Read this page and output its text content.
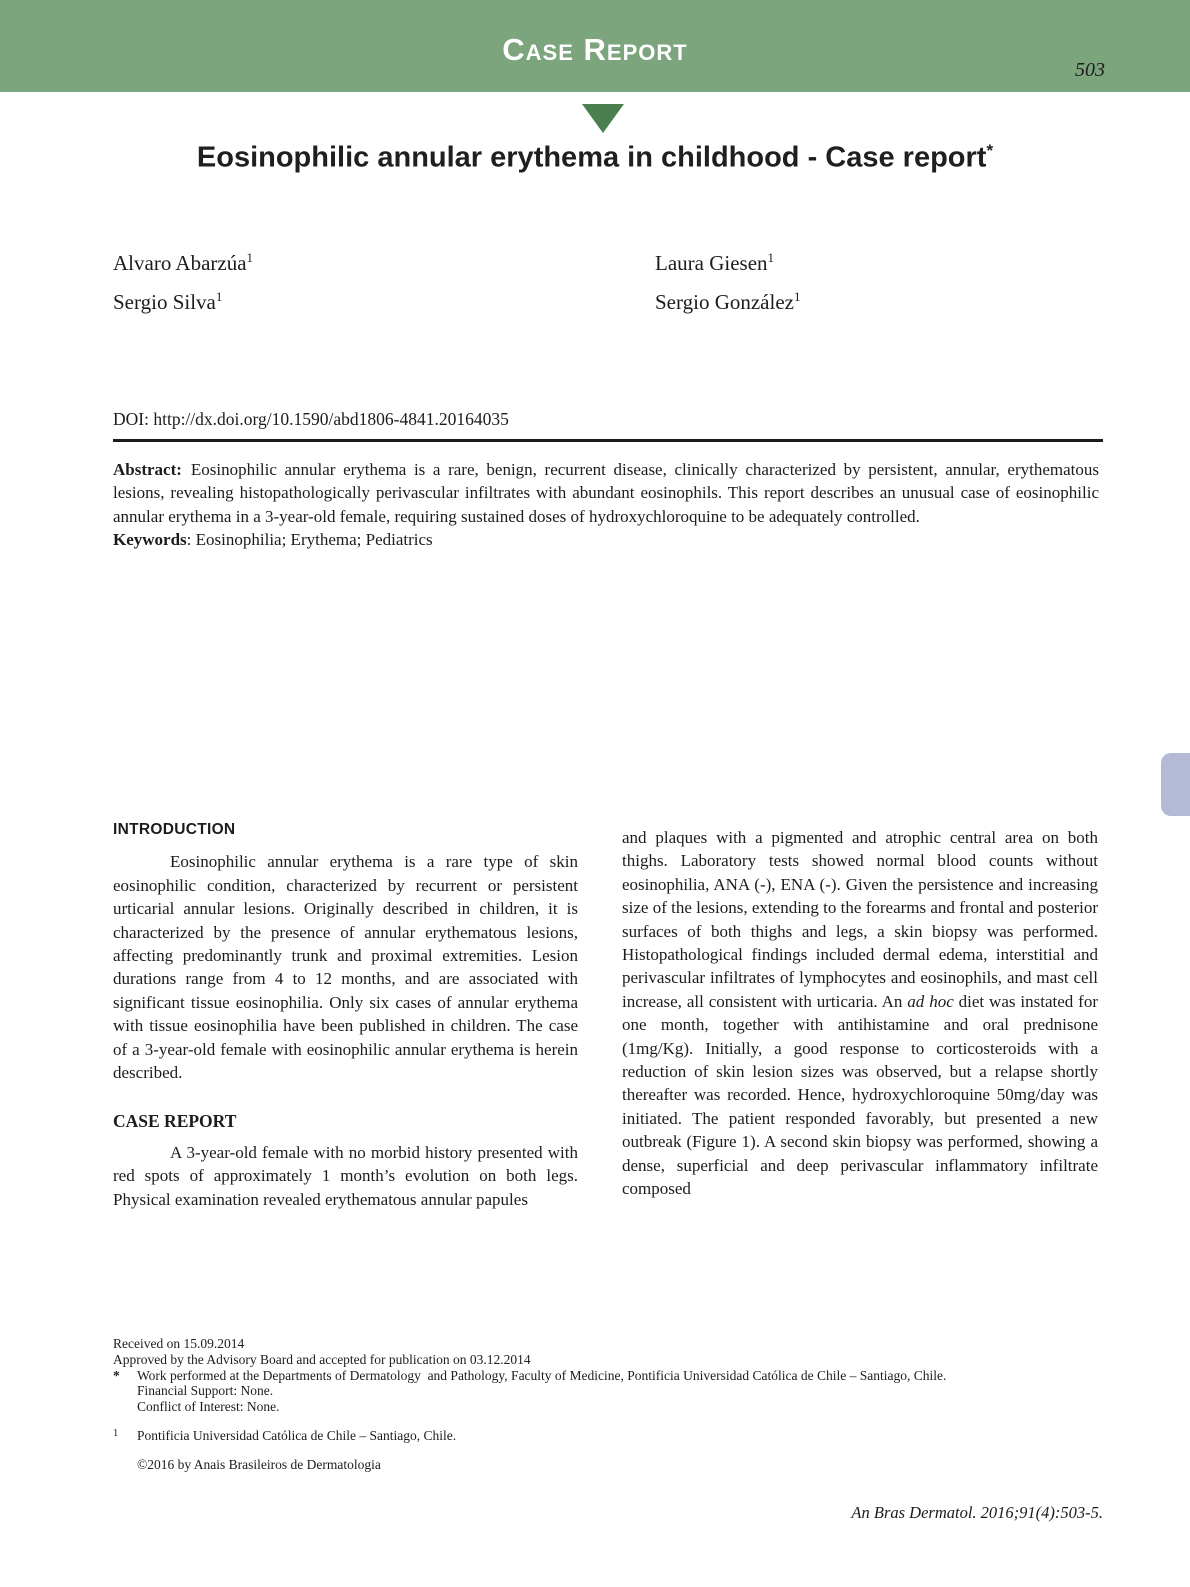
Case Report
503
Eosinophilic annular erythema in childhood - Case report*
Alvaro Abarzúa$^1$
Sergio Silva$^1$
Laura Giesen$^1$
Sergio González$^1$
DOI: http://dx.doi.org/10.1590/abd1806-4841.20164035
Abstract: Eosinophilic annular erythema is a rare, benign, recurrent disease, clinically characterized by persistent, annular, erythematous lesions, revealing histopathologically perivascular infiltrates with abundant eosinophils. This report describes an unusual case of eosinophilic annular erythema in a 3-year-old female, requiring sustained doses of hydroxychloroquine to be adequately controlled.
Keywords: Eosinophilia; Erythema; Pediatrics
INTRODUCTION

Eosinophilic annular erythema is a rare type of skin eosinophilic condition, characterized by recurrent or persistent urticarial annular lesions. Originally described in children, it is characterized by the presence of annular erythematous lesions, affecting predominantly trunk and proximal extremities. Lesion durations range from 4 to 12 months, and are associated with significant tissue eosinophilia. Only six cases of annular erythema with tissue eosinophilia have been published in children. The case of a 3-year-old female with eosinophilic annular erythema is herein described.

CASE REPORT

A 3-year-old female with no morbid history presented with red spots of approximately 1 month’s evolution on both legs. Physical examination revealed erythematous annular papules

and plaques with a pigmented and atrophic central area on both thighs. Laboratory tests showed normal blood counts without eosinophilia, ANA (-), ENA (-). Given the persistence and increasing size of the lesions, extending to the forearms and frontal and posterior surfaces of both thighs and legs, a skin biopsy was performed. Histopathological findings included dermal edema, interstitial and perivascular infiltrates of lymphocytes and eosinophils, and mast cell increase, all consistent with urticaria. An ad hoc diet was instated for one month, together with antihistamine and oral prednisone (1mg/Kg). Initially, a good response to corticosteroids with a reduction of skin lesion sizes was observed, but a relapse shortly thereafter was recorded. Hence, hydroxychloroquine 50mg/day was initiated. The patient responded favorably, but presented a new outbreak (Figure 1). A second skin biopsy was performed, showing a dense, superficial and deep perivascular inflammatory infiltrate composed

Received on 15.09.2014
Approved by the Advisory Board and accepted for publication on 03.12.2014
* Work performed at the Departments of Dermatology  and Pathology, Faculty of Medicine, Pontificia Universidad Católica de Chile – Santiago, Chile.
Financial Support: None.
Conflict of Interest: None.
1 Pontificia Universidad Católica de Chile – Santiago, Chile.
©2016 by Anais Brasileiros de Dermatologia
An Bras Dermatol. 2016;91(4):503-5.
